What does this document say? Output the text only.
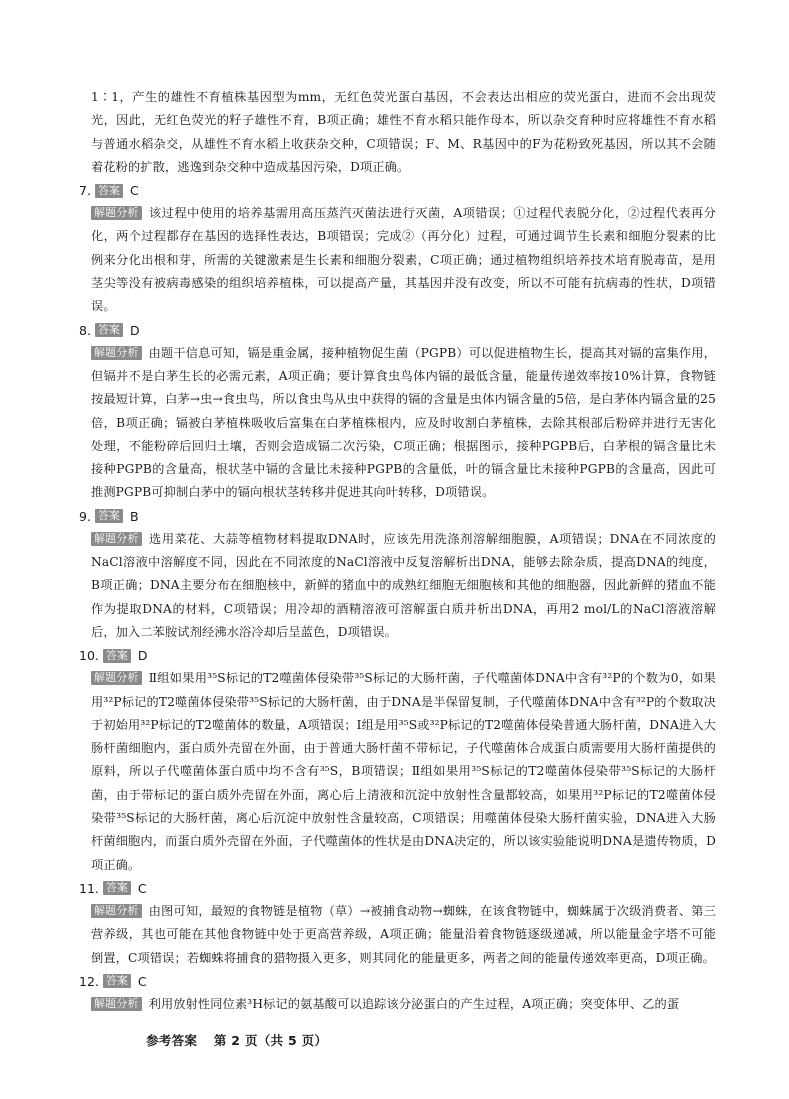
1∶1，产生的雄性不育植株基因型为mm，无红色荧光蛋白基因，不会表达出相应的荧光蛋白，进而不会出现荧光，因此，无红色荧光的籽子雄性不育，B项正确；雄性不育水稻只能作母本，所以杂交育种时应将雄性不育水稻与普通水稻杂交，从雄性不育水稻上收获杂交种，C项错误；F、M、R基因中的F为花粉致死基因，所以其不会随着花粉的扩散，逃逸到杂交种中造成基因污染，D项正确。

7. 答案 C

解题分析 该过程中使用的培养基需用高压蒸汽灭菌法进行灭菌，A项错误；①过程代表脱分化，②过程代表再分化，两个过程都存在基因的选择性表达，B项错误；完成②（再分化）过程，可通过调节生长素和细胞分裂素的比例来分化出根和芽，所需的关键激素是生长素和细胞分裂素，C项正确；通过植物组织培养技术培育脱毒苗，是用茎尖等没有被病毒感染的组织培养植株，可以提高产量，其基因并没有改变，所以不可能有抗病毒的性状，D项错误。

8. 答案 D

解题分析 由题干信息可知，镉是重金属，接种植物促生菌（PGPB）可以促进植物生长，提高其对镉的富集作用，但镉并不是白茅生长的必需元素，A项正确；要计算食虫鸟体内镉的最低含量，能量传递效率按10%计算，食物链按最短计算，白茅→虫→食虫鸟，所以食虫鸟从虫中获得的镉的含量是虫体内镉含量的5倍，是白茅体内镉含量的25倍，B项正确；镉被白茅植株吸收后富集在白茅植株根内，应及时收割白茅植株，去除其根部后粉碎并进行无害化处理，不能粉碎后回归土壤，否则会造成镉二次污染，C项正确；根据图示，接种PGPB后，白茅根的镉含量比未接种PGPB的含量高，根状茎中镉的含量比未接种PGPB的含量低，叶的镉含量比未接种PGPB的含量高，因此可推测PGPB可抑制白茅中的镉向根状茎转移并促进其向叶转移，D项错误。

9. 答案 B

解题分析 选用菜花、大蒜等植物材料提取DNA时，应该先用洗涤剂溶解细胞膜，A项错误；DNA在不同浓度的NaCl溶液中溶解度不同，因此在不同浓度的NaCl溶液中反复溶解析出DNA，能够去除杂质，提高DNA的纯度，B项正确；DNA主要分布在细胞核中，新鲜的猪血中的成熟红细胞无细胞核和其他的细胞器，因此新鲜的猪血不能作为提取DNA的材料，C项错误；用冷却的酒精溶液可溶解蛋白质并析出DNA，再用2 mol/L的NaCl溶液溶解后，加入二苯胺试剂经沸水浴冷却后呈蓝色，D项错误。

10. 答案 D

解题分析 Ⅱ组如果用³⁵S标记的T2噬菌体侵染带³⁵S标记的大肠杆菌，子代噬菌体DNA中含有³²P的个数为0，如果用³²P标记的T2噬菌体侵染带³⁵S标记的大肠杆菌，由于DNA是半保留复制，子代噬菌体DNA中含有³²P的个数取决于初始用³²P标记的T2噬菌体的数量，A项错误；Ⅰ组是用³⁵S或³²P标记的T2噬菌体侵染普通大肠杆菌，DNA进入大肠杆菌细胞内，蛋白质外壳留在外面，由于普通大肠杆菌不带标记，子代噬菌体合成蛋白质需要用大肠杆菌提供的原料，所以子代噬菌体蛋白质中均不含有³⁵S，B项错误；Ⅱ组如果用³⁵S标记的T2噬菌体侵染带³⁵S标记的大肠杆菌，由于带标记的蛋白质外壳留在外面，离心后上清液和沉淀中放射性含量都较高，如果用³²P标记的T2噬菌体侵染带³⁵S标记的大肠杆菌，离心后沉淀中放射性含量较高，C项错误；用噬菌体侵染大肠杆菌实验，DNA进入大肠杆菌细胞内，而蛋白质外壳留在外面，子代噬菌体的性状是由DNA决定的，所以该实验能说明DNA是遗传物质，D项正确。

11. 答案 C

解题分析 由图可知，最短的食物链是植物（草）→被捕食动物→蜘蛛，在该食物链中，蜘蛛属于次级消费者、第三营养级，其也可能在其他食物链中处于更高营养级，A项正确；能量沿着食物链逐级递减，所以能量金字塔不可能倒置，C项错误；若蜘蛛将捕食的猎物摄入更多，则其同化的能量更多，两者之间的能量传递效率更高，D项正确。

12. 答案 C

解题分析 利用放射性同位素³H标记的氨基酸可以追踪该分泌蛋白的产生过程，A项正确；突变体甲、乙的蛋

参考答案 第 2 页（共 5 页）
